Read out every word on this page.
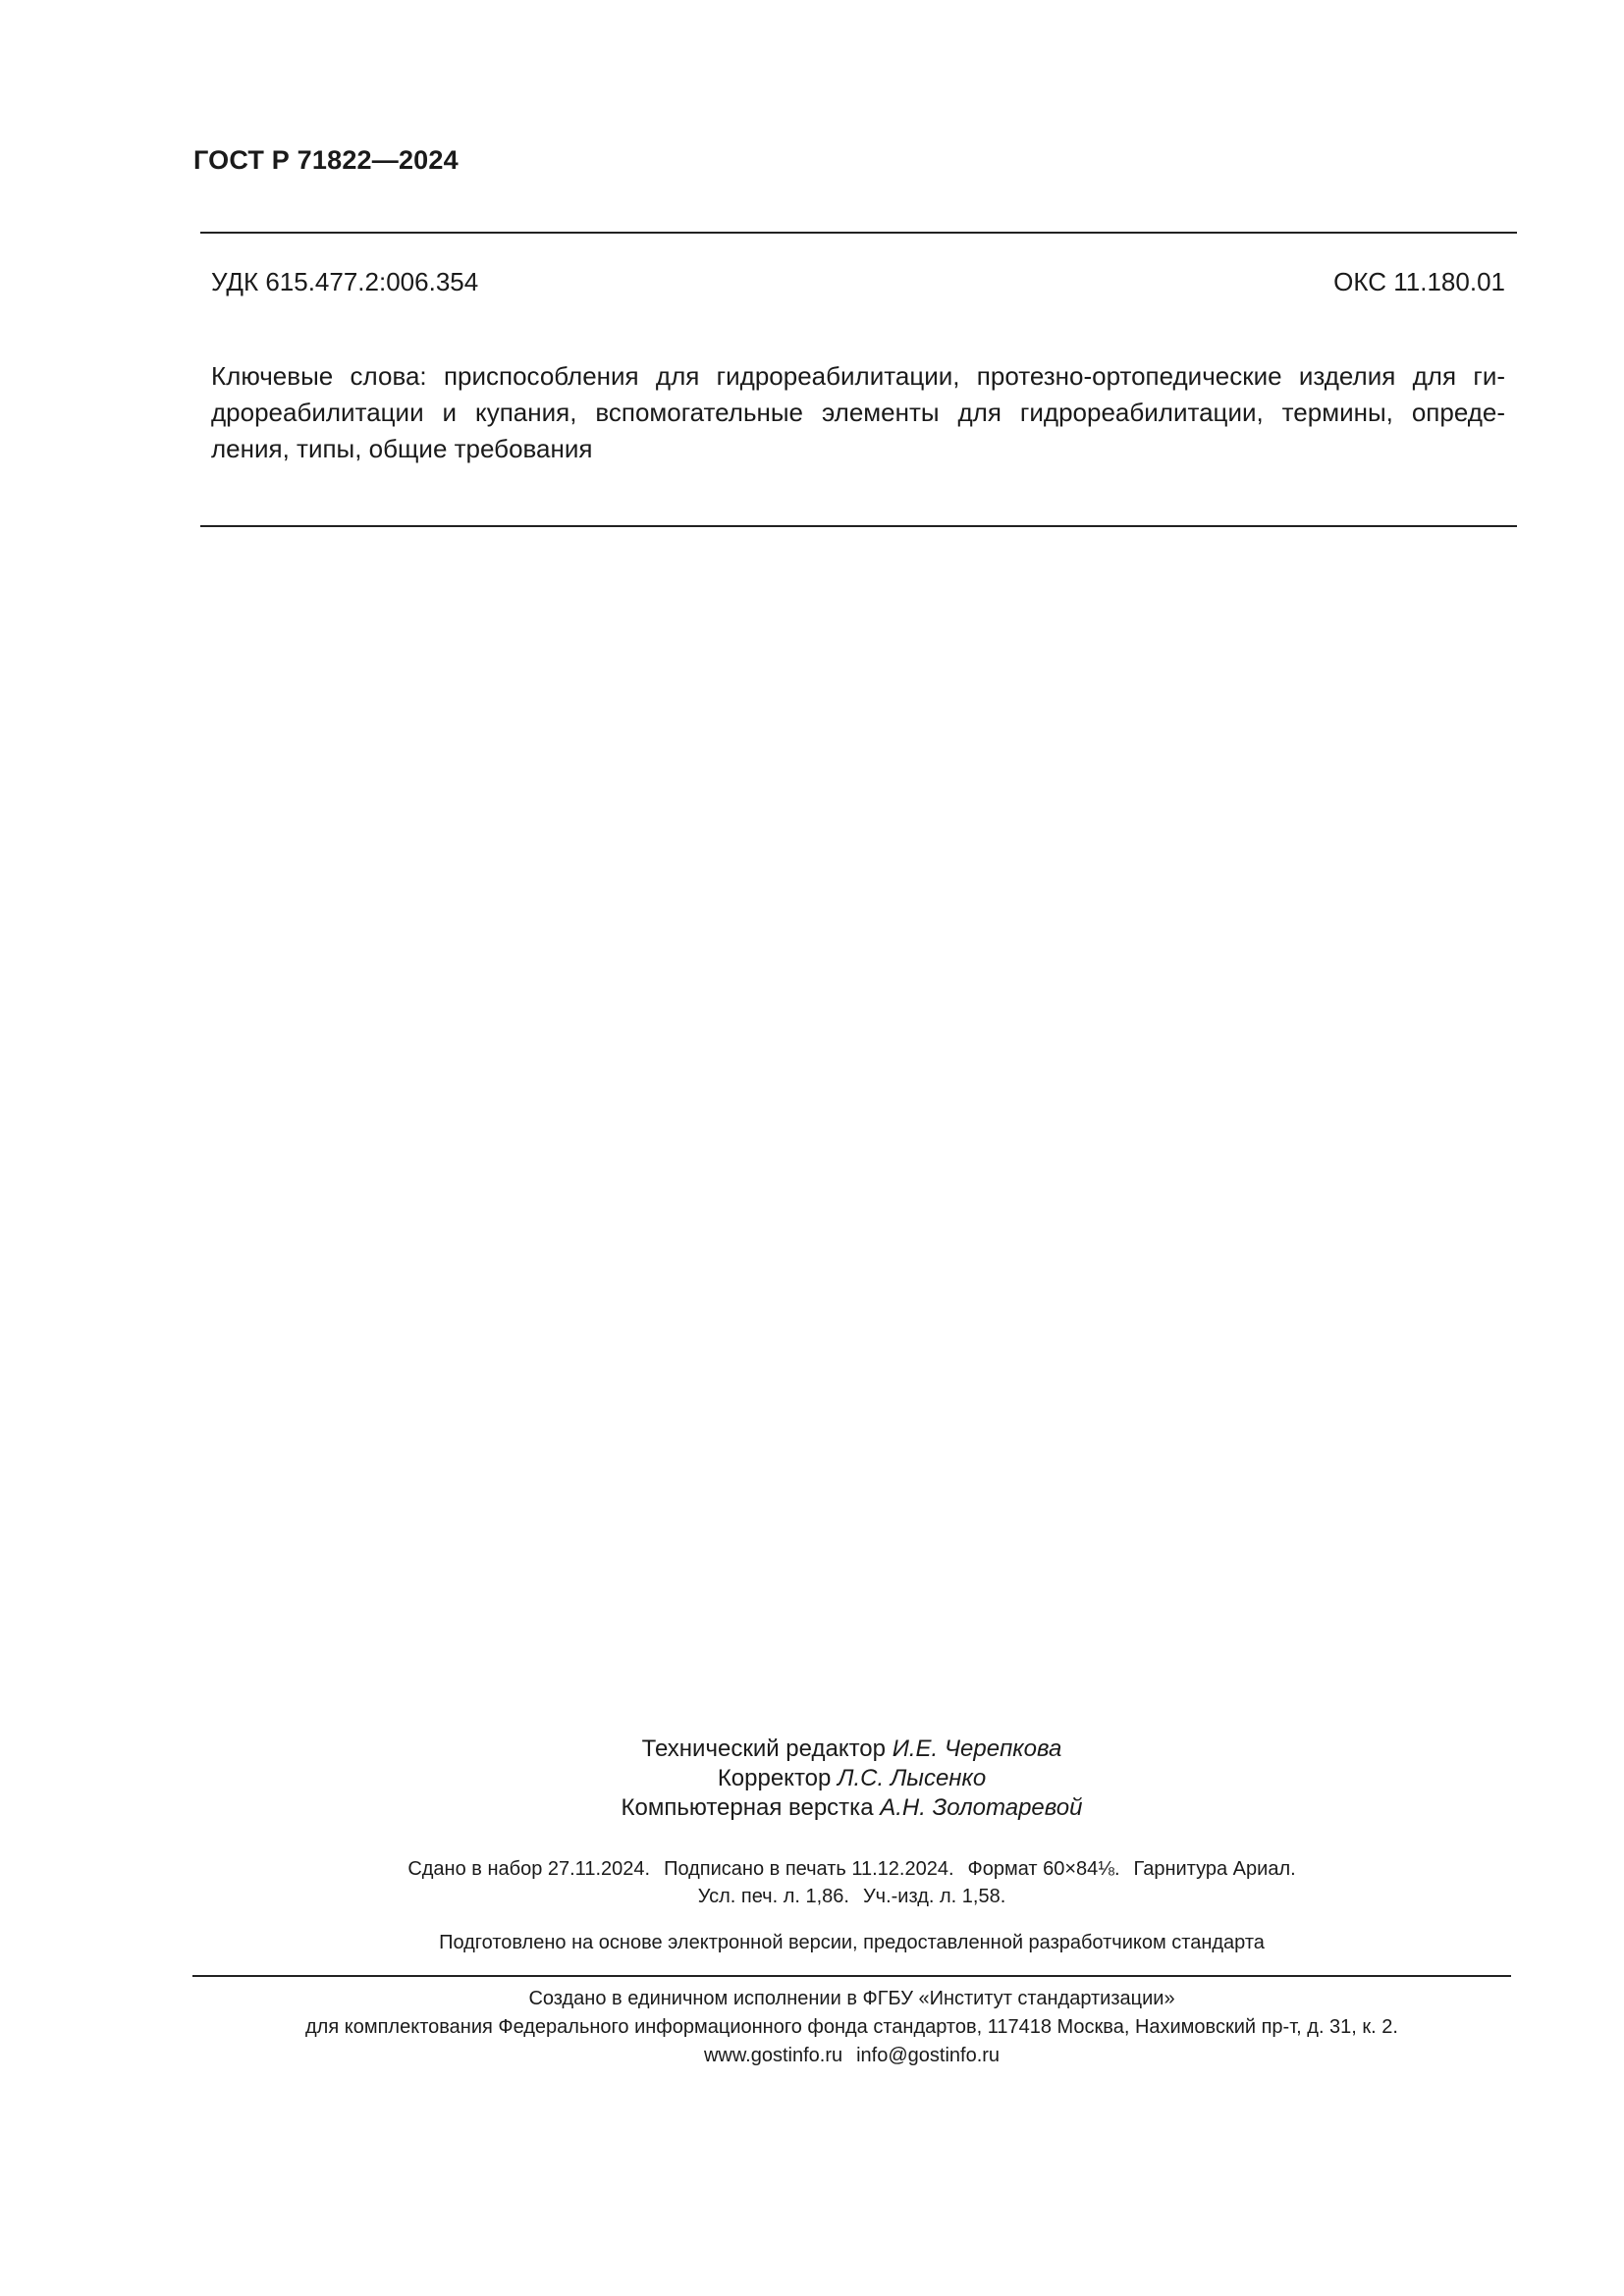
ГОСТ Р 71822—2024
УДК 615.477.2:006.354	ОКС 11.180.01
Ключевые слова: приспособления для гидрореабилитации, протезно-ортопедические изделия для ги-
дрореабилитации и купания, вспомогательные элементы для гидрореабилитации, термины, опреде-
ления, типы, общие требования
Технический редактор И.Е. Черепкова
Корректор Л.С. Лысенко
Компьютерная верстка А.Н. Золотаревой
Сдано в набор 27.11.2024. Подписано в печать 11.12.2024. Формат 60×84⅛. Гарнитура Ариал.
Усл. печ. л. 1,86. Уч.-изд. л. 1,58.
Подготовлено на основе электронной версии, предоставленной разработчиком стандарта
Создано в единичном исполнении в ФГБУ «Институт стандартизации»
для комплектования Федерального информационного фонда стандартов, 117418 Москва, Нахимовский пр-т, д. 31, к. 2.
www.gostinfo.ru info@gostinfo.ru
